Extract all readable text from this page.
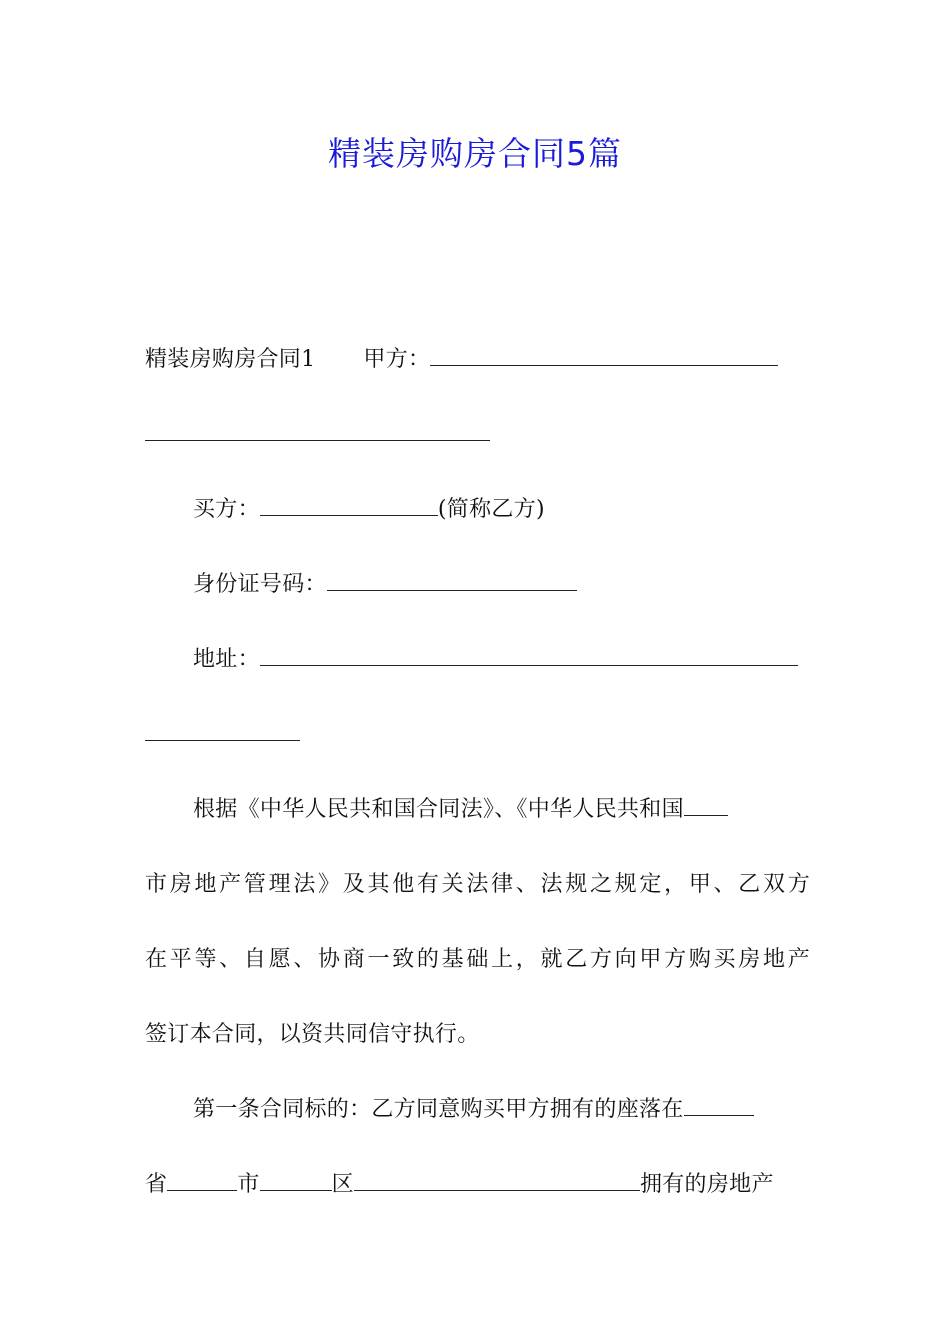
精装房购房合同5篇
精装房购房合同1 甲方：
买方：	(简称乙方)
身份证号码：
地址：
根据《中华人民共和国合同法》、《中华人民共和国
市房地产管理法》及其他有关法律、法规之规定，甲、乙双方
在平等、自愿、协商一致的基础上，就乙方向甲方购买房地产
签订本合同，以资共同信守执行。
第一条合同标的：乙方同意购买甲方拥有的座落在
省	市	区	拥有的房地产
